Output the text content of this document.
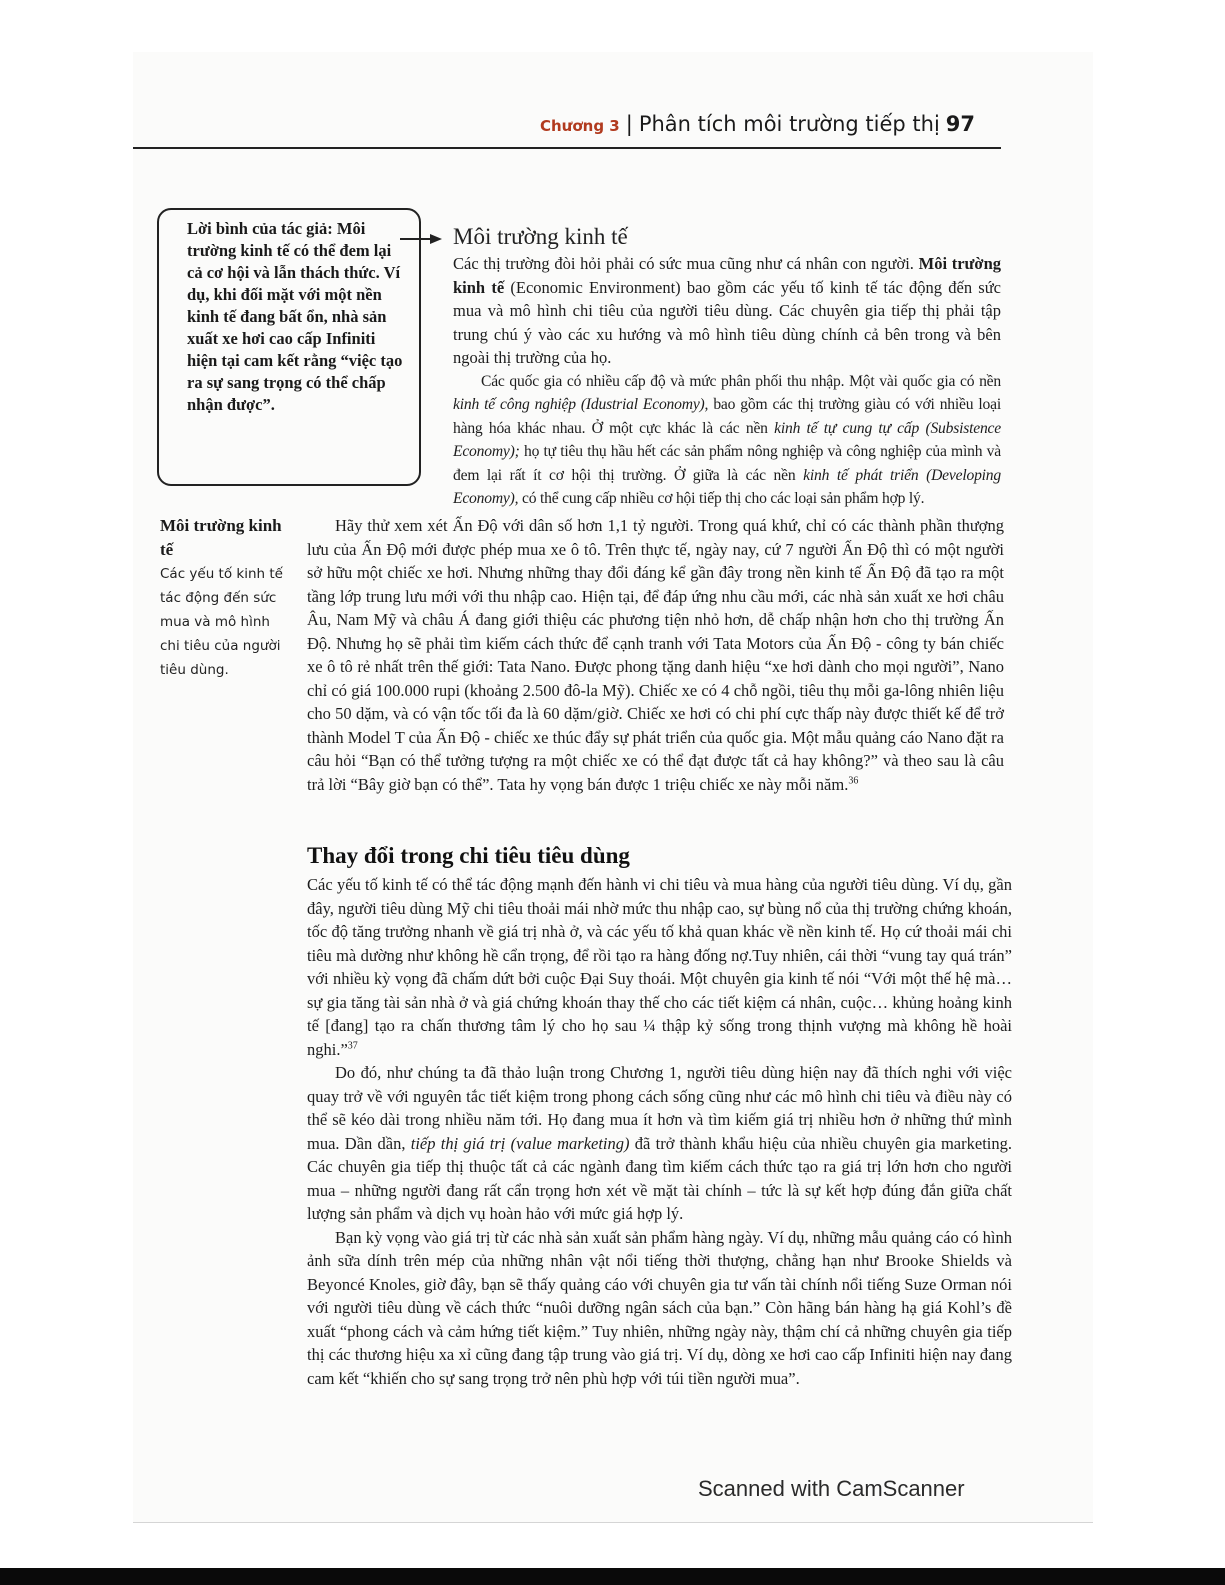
Chương 3 | Phân tích môi trường tiếp thị 97
Lời bình của tác giả: Môi trường kinh tế có thể đem lại cả cơ hội và lẫn thách thức. Ví dụ, khi đối mặt với một nền kinh tế đang bất ổn, nhà sản xuất xe hơi cao cấp Infiniti hiện tại cam kết rằng “việc tạo ra sự sang trọng có thể chấp nhận được”.
Môi trường kinh tế
Các yếu tố kinh tế tác động đến sức mua và mô hình chi tiêu của người tiêu dùng.
Môi trường kinh tế

Các thị trường đòi hỏi phải có sức mua cũng như cá nhân con người. Môi trường kinh tế (Economic Environment) bao gồm các yếu tố kinh tế tác động đến sức mua và mô hình chi tiêu của người tiêu dùng. Các chuyên gia tiếp thị phải tập trung chú ý vào các xu hướng và mô hình tiêu dùng chính cả bên trong và bên ngoài thị trường của họ.

Các quốc gia có nhiều cấp độ và mức phân phối thu nhập. Một vài quốc gia có nền kinh tế công nghiệp (Idustrial Economy), bao gồm các thị trường giàu có với nhiều loại hàng hóa khác nhau. Ở một cực khác là các nền kinh tế tự cung tự cấp (Subsistence Economy); họ tự tiêu thụ hầu hết các sản phẩm nông nghiệp và công nghiệp của mình và đem lại rất ít cơ hội thị trường. Ở giữa là các nền kinh tế phát triển (Developing Economy), có thể cung cấp nhiều cơ hội tiếp thị cho các loại sản phẩm hợp lý.

Hãy thử xem xét Ấn Độ với dân số hơn 1,1 tỷ người. Trong quá khứ, chỉ có các thành phần thượng lưu của Ấn Độ mới được phép mua xe ô tô. Trên thực tế, ngày nay, cứ 7 người Ấn Độ thì có một người sở hữu một chiếc xe hơi. Nhưng những thay đổi đáng kể gần đây trong nền kinh tế Ấn Độ đã tạo ra một tầng lớp trung lưu mới với thu nhập cao. Hiện tại, để đáp ứng nhu cầu mới, các nhà sản xuất xe hơi châu Âu, Nam Mỹ và châu Á đang giới thiệu các phương tiện nhỏ hơn, dễ chấp nhận hơn cho thị trường Ấn Độ. Nhưng họ sẽ phải tìm kiếm cách thức để cạnh tranh với Tata Motors của Ấn Độ - công ty bán chiếc xe ô tô rẻ nhất trên thế giới: Tata Nano. Được phong tặng danh hiệu “xe hơi dành cho mọi người”, Nano chỉ có giá 100.000 rupi (khoảng 2.500 đô-la Mỹ). Chiếc xe có 4 chỗ ngồi, tiêu thụ mỗi ga-lông nhiên liệu cho 50 dặm, và có vận tốc tối đa là 60 dặm/giờ. Chiếc xe hơi có chi phí cực thấp này được thiết kế để trở thành Model T của Ấn Độ - chiếc xe thúc đẩy sự phát triển của quốc gia. Một mẫu quảng cáo Nano đặt ra câu hỏi “Bạn có thể tưởng tượng ra một chiếc xe có thể đạt được tất cả hay không?” và theo sau là câu trả lời “Bây giờ bạn có thể”. Tata hy vọng bán được 1 triệu chiếc xe này mỗi năm.$^{36}$

Thay đổi trong chi tiêu tiêu dùng

Các yếu tố kinh tế có thể tác động mạnh đến hành vi chi tiêu và mua hàng của người tiêu dùng. Ví dụ, gần đây, người tiêu dùng Mỹ chi tiêu thoải mái nhờ mức thu nhập cao, sự bùng nổ của thị trường chứng khoán, tốc độ tăng trưởng nhanh về giá trị nhà ở, và các yếu tố khả quan khác về nền kinh tế. Họ cứ thoải mái chi tiêu mà dường như không hề cẩn trọng, để rồi tạo ra hàng đống nợ.Tuy nhiên, cái thời “vung tay quá trán” với nhiều kỳ vọng đã chấm dứt bởi cuộc Đại Suy thoái. Một chuyên gia kinh tế nói “Với một thế hệ mà… sự gia tăng tài sản nhà ở và giá chứng khoán thay thế cho các tiết kiệm cá nhân, cuộc… khủng hoảng kinh tế [đang] tạo ra chấn thương tâm lý cho họ sau ¼ thập kỷ sống trong thịnh vượng mà không hề hoài nghi.”$^{37}$

Do đó, như chúng ta đã thảo luận trong Chương 1, người tiêu dùng hiện nay đã thích nghi với việc quay trở về với nguyên tắc tiết kiệm trong phong cách sống cũng như các mô hình chi tiêu và điều này có thể sẽ kéo dài trong nhiều năm tới. Họ đang mua ít hơn và tìm kiếm giá trị nhiều hơn ở những thứ mình mua. Dần dần, tiếp thị giá trị (value marketing) đã trở thành khẩu hiệu của nhiều chuyên gia marketing. Các chuyên gia tiếp thị thuộc tất cả các ngành đang tìm kiếm cách thức tạo ra giá trị lớn hơn cho người mua – những người đang rất cẩn trọng hơn xét về mặt tài chính – tức là sự kết hợp đúng đắn giữa chất lượng sản phẩm và dịch vụ hoàn hảo với mức giá hợp lý.

Bạn kỳ vọng vào giá trị từ các nhà sản xuất sản phẩm hàng ngày. Ví dụ, những mẫu quảng cáo có hình ảnh sữa dính trên mép của những nhân vật nổi tiếng thời thượng, chẳng hạn như Brooke Shields và Beyoncé Knoles, giờ đây, bạn sẽ thấy quảng cáo với chuyên gia tư vấn tài chính nổi tiếng Suze Orman nói với người tiêu dùng về cách thức “nuôi dưỡng ngân sách của bạn.” Còn hãng bán hàng hạ giá Kohl’s đề xuất “phong cách và cảm hứng tiết kiệm.” Tuy nhiên, những ngày này, thậm chí cả những chuyên gia tiếp thị các thương hiệu xa xỉ cũng đang tập trung vào giá trị. Ví dụ, dòng xe hơi cao cấp Infiniti hiện nay đang cam kết “khiến cho sự sang trọng trở nên phù hợp với túi tiền người mua”.

Scanned with CamScanner
